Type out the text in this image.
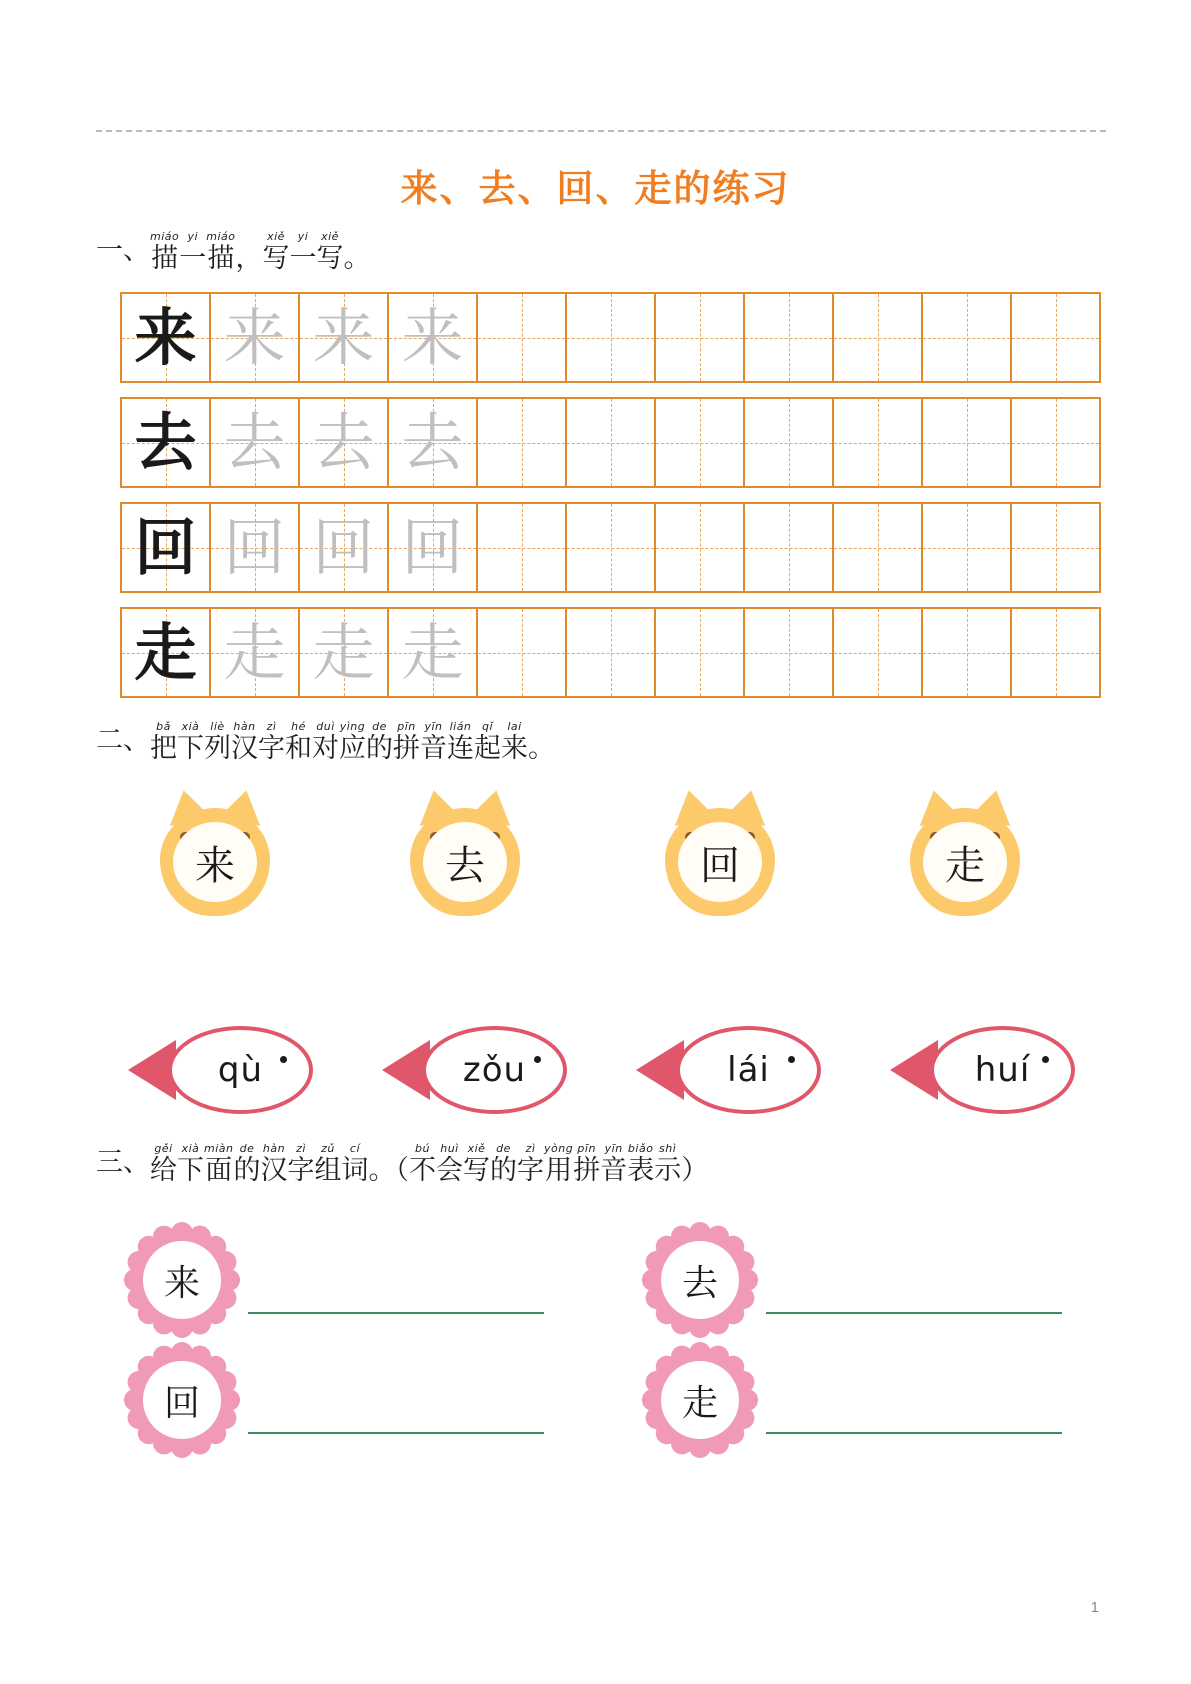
来、去、回、走的练习
一、 miáo
描
yi
一
miáo
描 ，
xiě
写
yi
一
xiě
写 。
来 来 来 来
去 去 去 去
回 回 回 回
走 走 走 走
二、 bǎ
把
xià
下
liè
列
hàn
汉
zì
字
hé
和
duì
对
yìng
应
de
的
pīn
拼
yīn
音
lián
连
qǐ
起
lai
来 。
来	去	回	走
qù	zǒu	lái	huí
三、 gěi
给
xià
下
miàn
面
de
的
hàn
汉
zì
字
zǔ
组
cí
词 。（
bú
不
huì
会
xiě
写
de
的
zì
字
yòng
用
pīn
拼
yīn
音
biǎo
表
shì
示 ）
来	去
回	走
1
